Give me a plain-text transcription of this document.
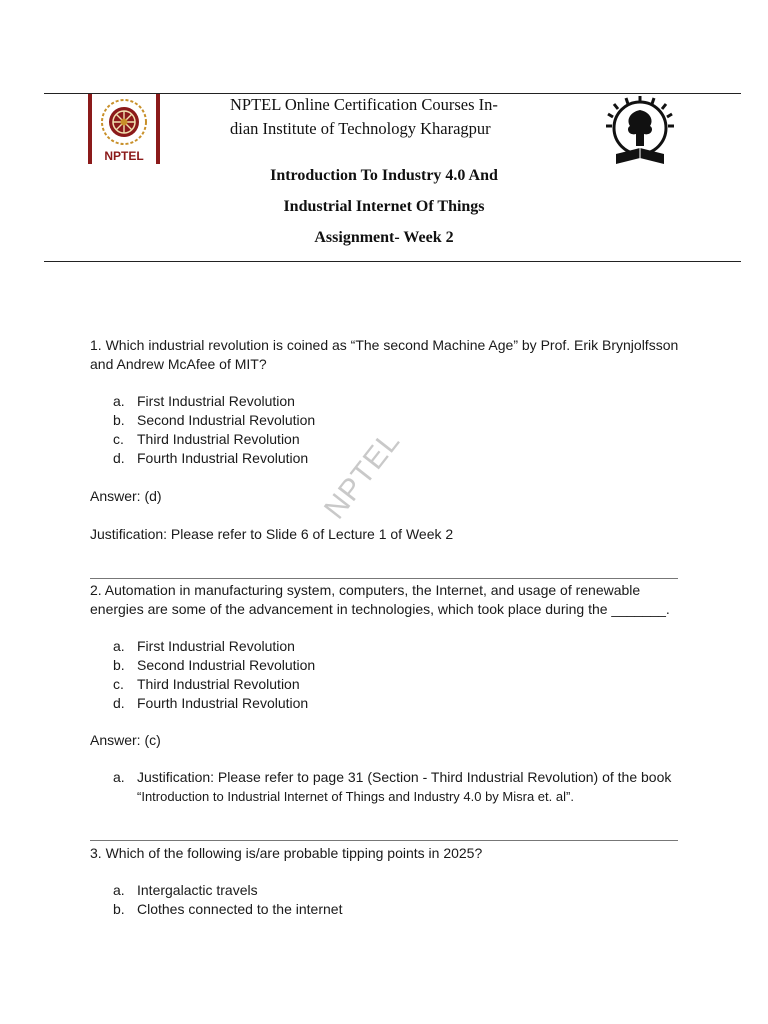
NPTEL
NPTEL Online Certification Courses In-
dian Institute of Technology Kharagpur
Introduction To Industry 4.0 And
Industrial Internet Of Things
Assignment- Week 2
NPTEL
1. Which industrial revolution is coined as “The second Machine Age” by Prof. Erik Brynjolfsson
and Andrew McAfee of MIT?
a. First Industrial Revolution
b. Second Industrial Revolution
c. Third Industrial Revolution
d. Fourth Industrial Revolution
Answer: (d)
Justification: Please refer to Slide 6 of Lecture 1 of Week 2
2. Automation in manufacturing system, computers, the Internet, and usage of renewable
energies are some of the advancement in technologies, which took place during the _______.
a. First Industrial Revolution
b. Second Industrial Revolution
c. Third Industrial Revolution
d. Fourth Industrial Revolution
Answer: (c)
a. Justification: Please refer to page 31 (Section - Third Industrial Revolution) of the book
“Introduction to Industrial Internet of Things and Industry 4.0 by Misra et. al”.
3. Which of the following is/are probable tipping points in 2025?
a. Intergalactic travels
b. Clothes connected to the internet
